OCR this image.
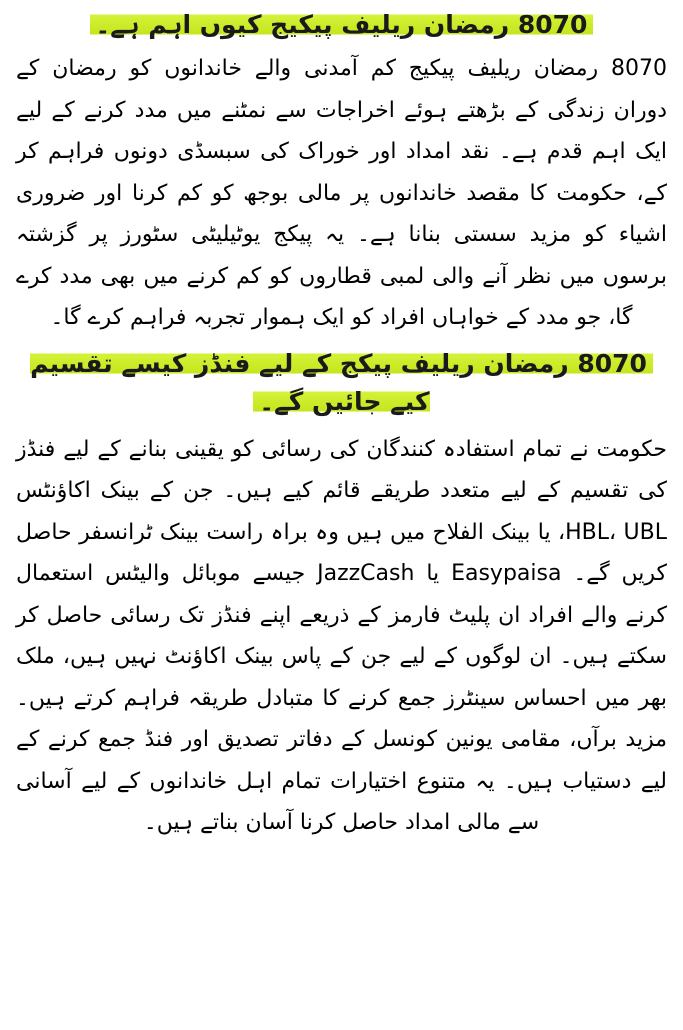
8070 رمضان ریلیف پیکیج کیوں اہم ہے۔

8070 رمضان ریلیف پیکیج کم آمدنی والے خاندانوں کو رمضان کے دوران زندگی کے بڑھتے ہوئے اخراجات سے نمٹنے میں مدد کرنے کے لیے ایک اہم قدم ہے۔ نقد امداد اور خوراک کی سبسڈی دونوں فراہم کر کے، حکومت کا مقصد خاندانوں پر مالی بوجھ کو کم کرنا اور ضروری اشیاء کو مزید سستی بنانا ہے۔ یہ پیکج یوٹیلیٹی سٹورز پر گزشتہ برسوں میں نظر آنے والی لمبی قطاروں کو کم کرنے میں بھی مدد کرے گا، جو مدد کے خواہاں افراد کو ایک ہموار تجربہ فراہم کرے گا۔

8070 رمضان ریلیف پیکج کے لیے فنڈز کیسے تقسیم کیے جائیں گے۔

حکومت نے تمام استفادہ کنندگان کی رسائی کو یقینی بنانے کے لیے فنڈز کی تقسیم کے لیے متعدد طریقے قائم کیے ہیں۔ جن کے بینک اکاؤنٹس HBL، UBL، یا بینک الفلاح میں ہیں وہ براہ راست بینک ٹرانسفر حاصل کریں گے۔ Easypaisa یا JazzCash جیسے موبائل والیٹس استعمال کرنے والے افراد ان پلیٹ فارمز کے ذریعے اپنے فنڈز تک رسائی حاصل کر سکتے ہیں۔ ان لوگوں کے لیے جن کے پاس بینک اکاؤنٹ نہیں ہیں، ملک بھر میں احساس سینٹرز جمع کرنے کا متبادل طریقہ فراہم کرتے ہیں۔ مزید برآں، مقامی یونین کونسل کے دفاتر تصدیق اور فنڈ جمع کرنے کے لیے دستیاب ہیں۔ یہ متنوع اختیارات تمام اہل خاندانوں کے لیے آسانی سے مالی امداد حاصل کرنا آسان بناتے ہیں۔
